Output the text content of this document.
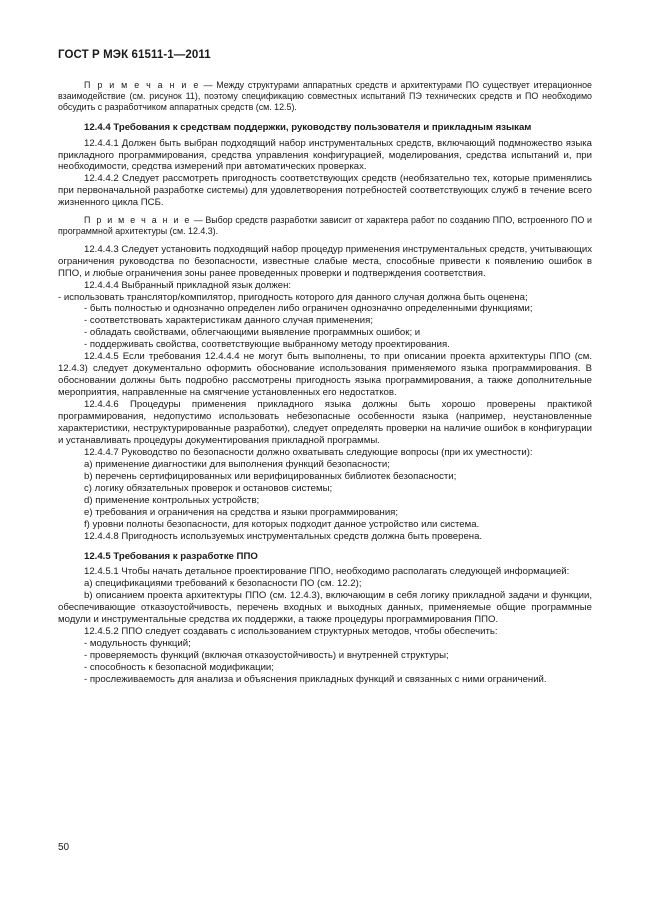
ГОСТ Р МЭК 61511-1—2011

П р и м е ч а н и е — Между структурами аппаратных средств и архитектурами ПО существует итерационное взаимодействие (см. рисунок 11), поэтому спецификацию совместных испытаний ПЭ технических средств и ПО необходимо обсудить с разработчиком аппаратных средств (см. 12.5).

12.4.4 Требования к средствам поддержки, руководству пользователя и прикладным языкам

12.4.4.1 Должен быть выбран подходящий набор инструментальных средств, включающий подмножество языка прикладного программирования, средства управления конфигурацией, моделирования, средства испытаний и, при необходимости, средства измерений при автоматических проверках.

12.4.4.2 Следует рассмотреть пригодность соответствующих средств (необязательно тех, которые применялись при первоначальной разработке системы) для удовлетворения потребностей соответствующих служб в течение всего жизненного цикла ПСБ.

П р и м е ч а н и е — Выбор средств разработки зависит от характера работ по созданию ППО, встроенного ПО и программной архитектуры (см. 12.4.3).

12.4.4.3 Следует установить подходящий набор процедур применения инструментальных средств, учитывающих ограничения руководства по безопасности, известные слабые места, способные привести к появлению ошибок в ППО, и любые ограничения зоны ранее проведенных проверки и подтверждения соответствия.

12.4.4.4 Выбранный прикладной язык должен:

- использовать транслятор/компилятор, пригодность которого для данного случая должна быть оценена;

- быть полностью и однозначно определен либо ограничен однозначно определенными функциями;

- соответствовать характеристикам данного случая применения;

- обладать свойствами, облегчающими выявление программных ошибок; и

- поддерживать свойства, соответствующие выбранному методу проектирования.

12.4.4.5 Если требования 12.4.4.4 не могут быть выполнены, то при описании проекта архитектуры ППО (см. 12.4.3) следует документально оформить обоснование использования применяемого языка программирования. В обосновании должны быть подробно рассмотрены пригодность языка программирования, а также дополнительные мероприятия, направленные на смягчение установленных его недостатков.

12.4.4.6 Процедуры применения прикладного языка должны быть хорошо проверены практикой программирования, недопустимо использовать небезопасные особенности языка (например, неустановленные характеристики, неструктурированные разработки), следует определять проверки на наличие ошибок в конфигурации и устанавливать процедуры документирования прикладной программы.

12.4.4.7 Руководство по безопасности должно охватывать следующие вопросы (при их уместности):

a) применение диагностики для выполнения функций безопасности;

b) перечень сертифицированных или верифицированных библиотек безопасности;

c) логику обязательных проверок и остановов системы;

d) применение контрольных устройств;

e) требования и ограничения на средства и языки программирования;

f) уровни полноты безопасности, для которых подходит данное устройство или система.

12.4.4.8 Пригодность используемых инструментальных средств должна быть проверена.

12.4.5 Требования к разработке ППО

12.4.5.1 Чтобы начать детальное проектирование ППО, необходимо располагать следующей информацией:

a) спецификациями требований к безопасности ПО (см. 12.2);

b) описанием проекта архитектуры ППО (см. 12.4.3), включающим в себя логику прикладной задачи и функции, обеспечивающие отказоустойчивость, перечень входных и выходных данных, применяемые общие программные модули и инструментальные средства их поддержки, а также процедуры программирования ППО.

12.4.5.2 ППО следует создавать с использованием структурных методов, чтобы обеспечить:

- модульность функций;

- проверяемость функций (включая отказоустойчивость) и внутренней структуры;

- способность к безопасной модификации;

- прослеживаемость для анализа и объяснения прикладных функций и связанных с ними ограничений.

50
